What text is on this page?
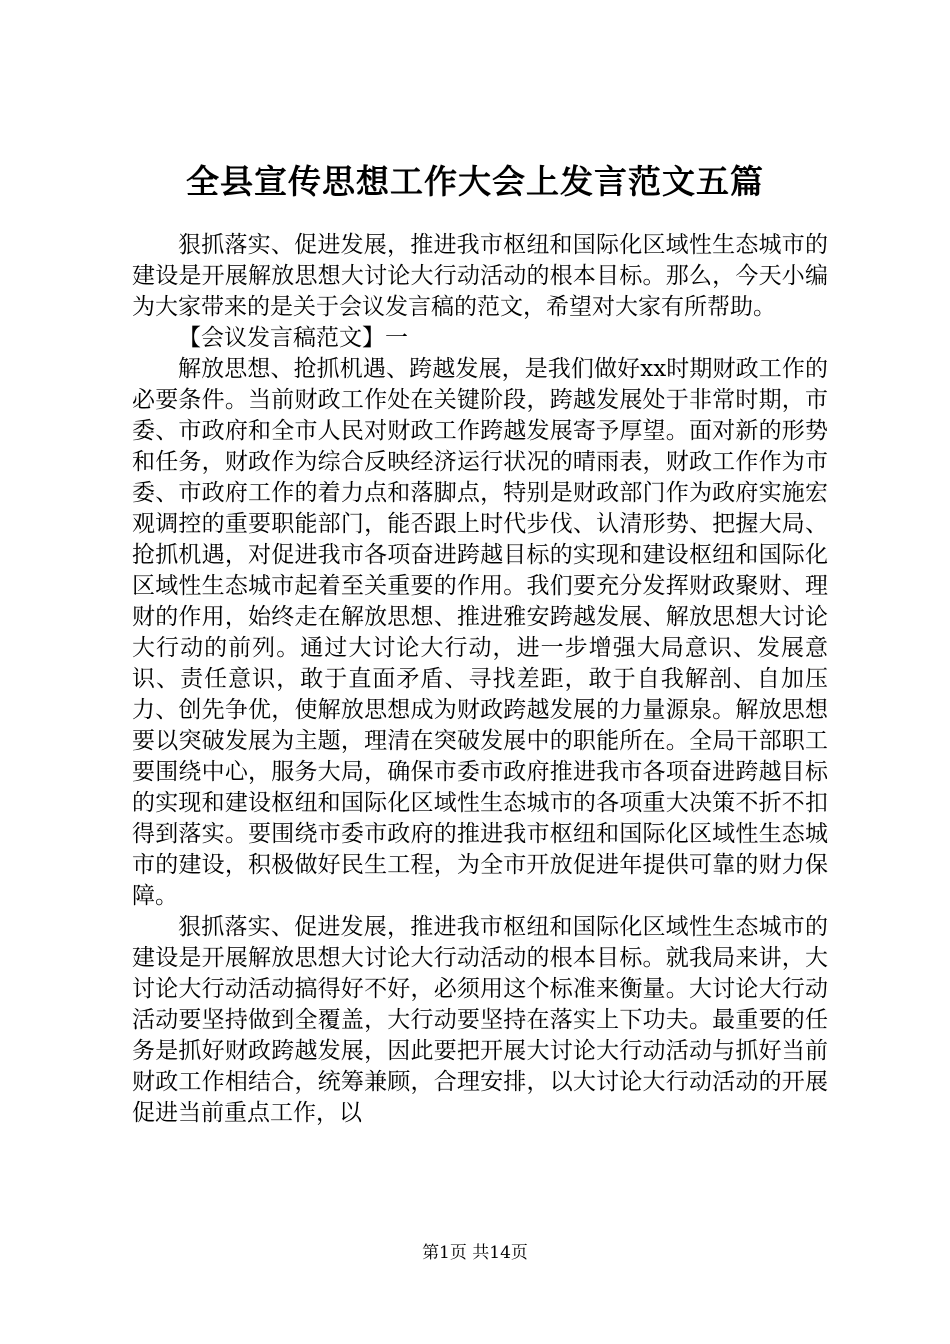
全县宣传思想工作大会上发言范文五篇

狠抓落实、促进发展，推进我市枢纽和国际化区域性生态城市的建设是开展解放思想大讨论大行动活动的根本目标。那么，今天小编为大家带来的是关于会议发言稿的范文，希望对大家有所帮助。

【会议发言稿范文】一

解放思想、抢抓机遇、跨越发展，是我们做好xx时期财政工作的必要条件。当前财政工作处在关键阶段，跨越发展处于非常时期，市委、市政府和全市人民对财政工作跨越发展寄予厚望。面对新的形势和任务，财政作为综合反映经济运行状况的晴雨表，财政工作作为市委、市政府工作的着力点和落脚点，特别是财政部门作为政府实施宏观调控的重要职能部门，能否跟上时代步伐、认清形势、把握大局、抢抓机遇，对促进我市各项奋进跨越目标的实现和建设枢纽和国际化区域性生态城市起着至关重要的作用。我们要充分发挥财政聚财、理财的作用，始终走在解放思想、推进雅安跨越发展、解放思想大讨论大行动的前列。通过大讨论大行动，进一步增强大局意识、发展意识、责任意识，敢于直面矛盾、寻找差距，敢于自我解剖、自加压力、创先争优，使解放思想成为财政跨越发展的力量源泉。解放思想要以突破发展为主题，理清在突破发展中的职能所在。全局干部职工要围绕中心，服务大局，确保市委市政府推进我市各项奋进跨越目标的实现和建设枢纽和国际化区域性生态城市的各项重大决策不折不扣得到落实。要围绕市委市政府的推进我市枢纽和国际化区域性生态城市的建设，积极做好民生工程，为全市开放促进年提供可靠的财力保障。

狠抓落实、促进发展，推进我市枢纽和国际化区域性生态城市的建设是开展解放思想大讨论大行动活动的根本目标。就我局来讲，大讨论大行动活动搞得好不好，必须用这个标准来衡量。大讨论大行动活动要坚持做到全覆盖，大行动要坚持在落实上下功夫。最重要的任务是抓好财政跨越发展，因此要把开展大讨论大行动活动与抓好当前财政工作相结合，统筹兼顾，合理安排，以大讨论大行动活动的开展促进当前重点工作，以

第1页 共14页
